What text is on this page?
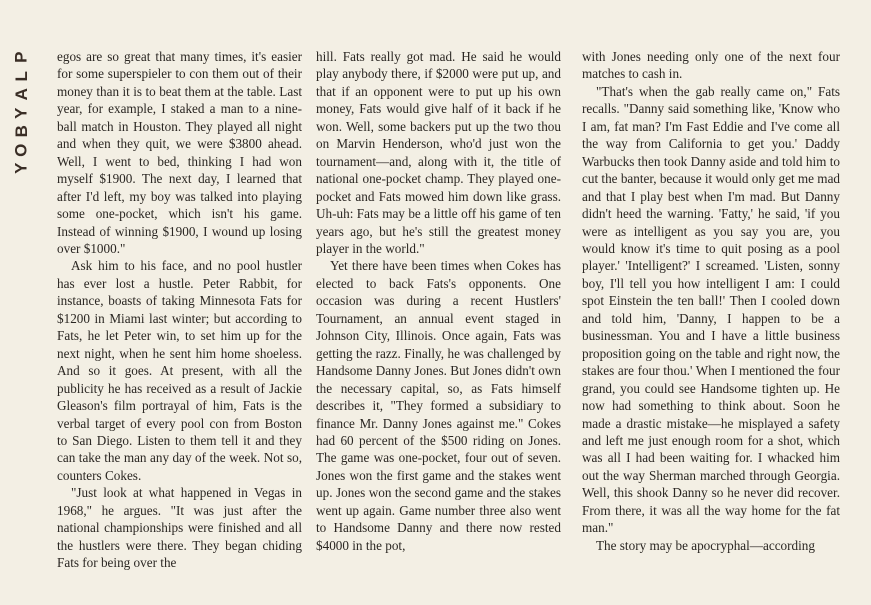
P
L
A
Y
B
O
Y

egos are so great that many times, it's easier for some superspieler to con them out of their money than it is to beat them at the table. Last year, for example, I staked a man to a nine-ball match in Houston. They played all night and when they quit, we were $3800 ahead. Well, I went to bed, thinking I had won myself $1900. The next day, I learned that after I'd left, my boy was talked into playing some one-pocket, which isn't his game. Instead of winning $1900, I wound up losing over $1000."

Ask him to his face, and no pool hustler has ever lost a hustle. Peter Rabbit, for instance, boasts of taking Minnesota Fats for $1200 in Miami last winter; but according to Fats, he let Peter win, to set him up for the next night, when he sent him home shoeless. And so it goes. At present, with all the publicity he has received as a result of Jackie Gleason's film portrayal of him, Fats is the verbal target of every pool con from Boston to San Diego. Listen to them tell it and they can take the man any day of the week. Not so, counters Cokes.

"Just look at what happened in Vegas in 1968," he argues. "It was just after the national championships were finished and all the hustlers were there. They began chiding Fats for being over the

hill. Fats really got mad. He said he would play anybody there, if $2000 were put up, and that if an opponent were to put up his own money, Fats would give half of it back if he won. Well, some backers put up the two thou on Marvin Henderson, who'd just won the tournament—and, along with it, the title of national one-pocket champ. They played one-pocket and Fats mowed him down like grass. Uh-uh: Fats may be a little off his game of ten years ago, but he's still the greatest money player in the world."

Yet there have been times when Cokes has elected to back Fats's opponents. One occasion was during a recent Hustlers' Tournament, an annual event staged in Johnson City, Illinois. Once again, Fats was getting the razz. Finally, he was challenged by Handsome Danny Jones. But Jones didn't own the necessary capital, so, as Fats himself describes it, "They formed a subsidiary to finance Mr. Danny Jones against me." Cokes had 60 percent of the $500 riding on Jones. The game was one-pocket, four out of seven. Jones won the first game and the stakes went up. Jones won the second game and the stakes went up again. Game number three also went to Handsome Danny and there now rested $4000 in the pot,

with Jones needing only one of the next four matches to cash in.

"That's when the gab really came on," Fats recalls. "Danny said something like, 'Know who I am, fat man? I'm Fast Eddie and I've come all the way from California to get you.' Daddy Warbucks then took Danny aside and told him to cut the banter, because it would only get me mad and that I play best when I'm mad. But Danny didn't heed the warning. 'Fatty,' he said, 'if you were as intelligent as you say you are, you would know it's time to quit posing as a pool player.' 'Intelligent?' I screamed. 'Listen, sonny boy, I'll tell you how intelligent I am: I could spot Einstein the ten ball!' Then I cooled down and told him, 'Danny, I happen to be a businessman. You and I have a little business proposition going on the table and right now, the stakes are four thou.' When I mentioned the four grand, you could see Handsome tighten up. He now had something to think about. Soon he made a drastic mistake—he misplayed a safety and left me just enough room for a shot, which was all I had been waiting for. I whacked him out the way Sherman marched through Georgia. Well, this shook Danny so he never did recover. From there, it was all the way home for the fat man."

The story may be apocryphal—according
